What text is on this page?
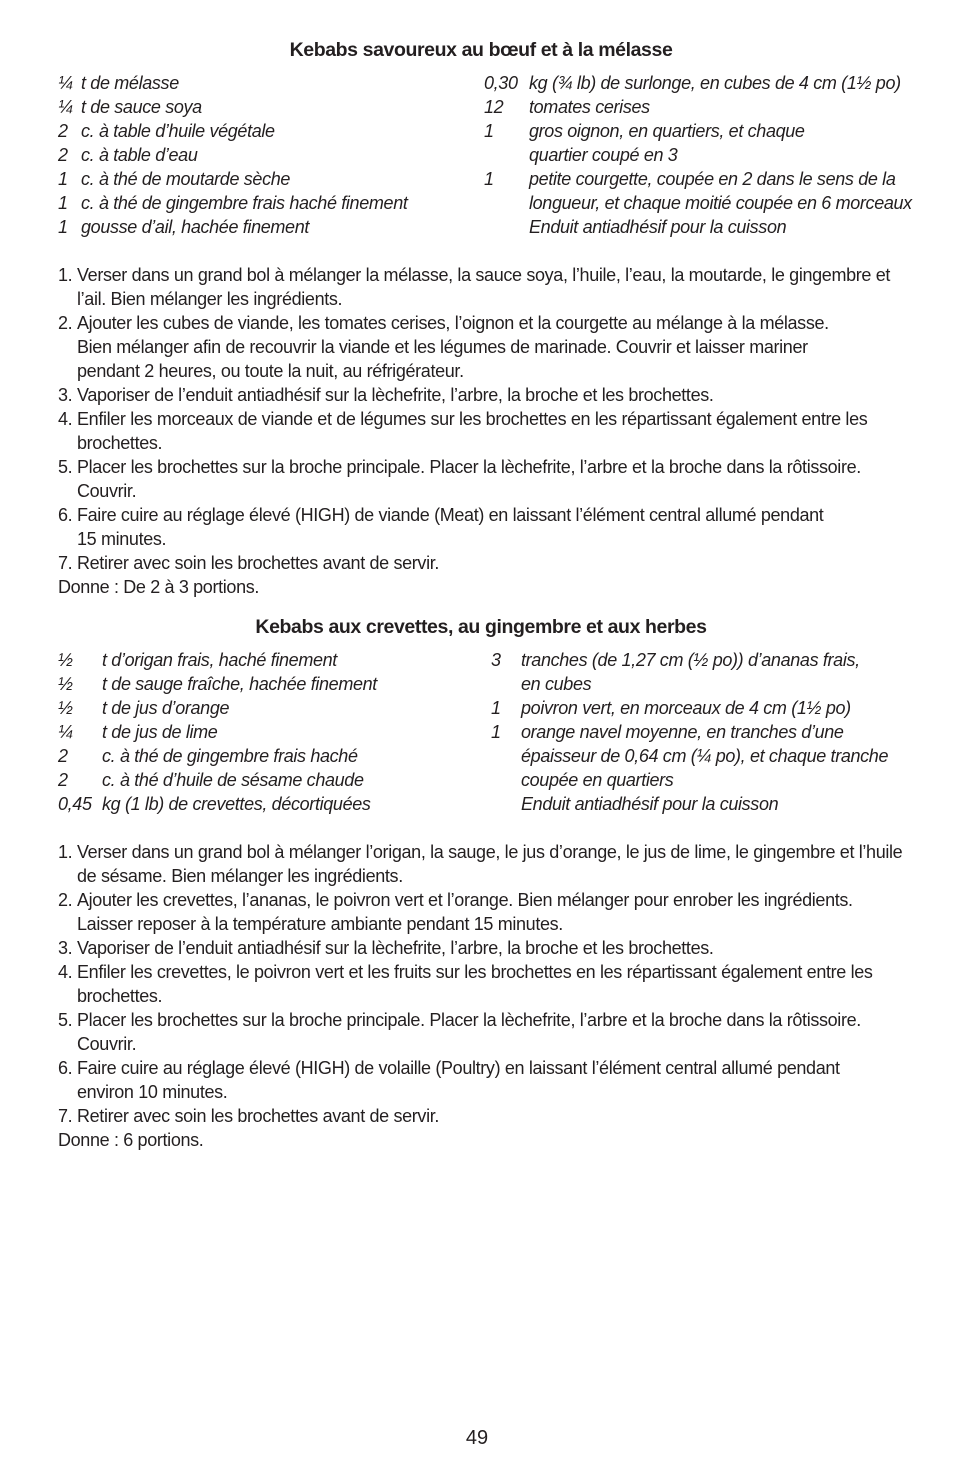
Kebabs savoureux au bœuf et à la mélasse
¼ t de mélasse
¼ t de sauce soya
2 c. à table d’huile végétale
2 c. à table d’eau
1 c. à thé de moutarde sèche
1 c. à thé de gingembre frais haché finement
1 gousse d’ail, hachée finement
0,30 kg (¾ lb) de surlonge, en cubes de 4 cm (1½ po)
12	tomates cerises
1	gros oignon, en quartiers, et chaque
quartier coupé en 3
1	petite courgette, coupée en 2 dans le sens de la
longueur, et chaque moitié coupée en 6 morceaux
Enduit antiadhésif pour la cuisson
1. Verser dans un grand bol à mélanger la mélasse, la sauce soya, l’huile, l’eau, la moutarde, le gingembre et l’ail. Bien mélanger les ingrédients.
2. Ajouter les cubes de viande, les tomates cerises, l’oignon et la courgette au mélange à la mélasse. Bien mélanger afin de recouvrir la viande et les légumes de marinade. Couvrir et laisser mariner pendant 2 heures, ou toute la nuit, au réfrigérateur.
3. Vaporiser de l’enduit antiadhésif sur la lèchefrite, l’arbre, la broche et les brochettes.
4. Enfiler les morceaux de viande et de légumes sur les brochettes en les répartissant également entre les brochettes.
5. Placer les brochettes sur la broche principale. Placer la lèchefrite, l’arbre et la broche dans la rôtissoire. Couvrir.
6. Faire cuire au réglage élevé (HIGH) de viande (Meat) en laissant l’élément central allumé pendant 15 minutes.
7. Retirer avec soin les brochettes avant de servir.

Donne : De 2 à 3 portions.

Kebabs aux crevettes, au gingembre et aux herbes
½	t d’origan frais, haché finement
½	t de sauge fraîche, hachée finement
½	t de jus d’orange
¼	t de jus de lime
2	c. à thé de gingembre frais haché
2	c. à thé d’huile de sésame chaude
0,45 kg (1 lb) de crevettes, décortiquées
3	tranches (de 1,27 cm (½ po)) d’ananas frais,
en cubes
1	poivron vert, en morceaux de 4 cm (1½ po)
1	orange navel moyenne, en tranches d’une
épaisseur de 0,64 cm (¼ po), et chaque tranche
coupée en quartiers
Enduit antiadhésif pour la cuisson
1. Verser dans un grand bol à mélanger l’origan, la sauge, le jus d’orange, le jus de lime, le gingembre et l’huile de sésame. Bien mélanger les ingrédients.
2. Ajouter les crevettes, l’ananas, le poivron vert et l’orange. Bien mélanger pour enrober les ingrédients. Laisser reposer à la température ambiante pendant 15 minutes.
3. Vaporiser de l’enduit antiadhésif sur la lèchefrite, l’arbre, la broche et les brochettes.
4. Enfiler les crevettes, le poivron vert et les fruits sur les brochettes en les répartissant également entre les brochettes.
5. Placer les brochettes sur la broche principale. Placer la lèchefrite, l’arbre et la broche dans la rôtissoire. Couvrir.
6. Faire cuire au réglage élevé (HIGH) de volaille (Poultry) en laissant l’élément central allumé pendant environ 10 minutes.
7. Retirer avec soin les brochettes avant de servir.

Donne : 6 portions.

49
